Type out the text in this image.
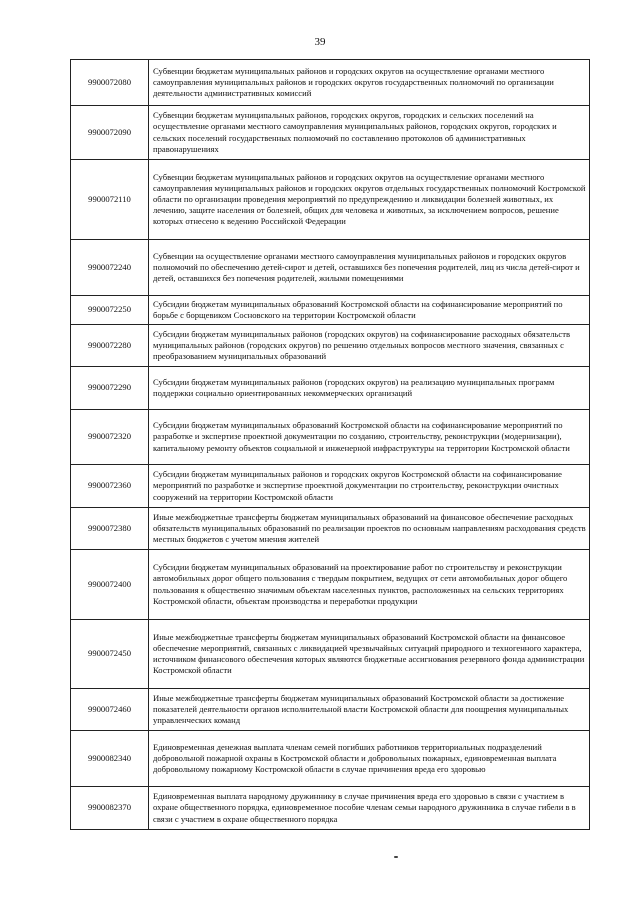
39
9900072080	Субвенции бюджетам муниципальных районов и городских округов на осуществление органами местного самоуправления муниципальных районов и городских округов государственных полномочий по организации деятельности административных комиссий
9900072090	Субвенции бюджетам муниципальных районов, городских округов, городских и сельских поселений на осуществление органами местного самоуправления муниципальных районов, городских округов, городских и сельских поселений государственных полномочий по составлению протоколов об административных правонарушениях
9900072110	Субвенции бюджетам муниципальных районов и городских округов на осуществление органами местного самоуправления муниципальных районов и городских округов отдельных государственных полномочий Костромской области по организации проведения мероприятий по предупреждению и ликвидации болезней животных, их лечению, защите населения от болезней, общих для человека и животных, за исключением вопросов, решение которых отнесено к ведению Российской Федерации
9900072240	Субвенции на осуществление органами местного самоуправления муниципальных районов и городских округов полномочий по обеспечению детей-сирот и детей, оставшихся без попечения родителей, лиц из числа детей-сирот и детей, оставшихся без попечения родителей, жилыми помещениями
9900072250	Субсидии бюджетам муниципальных образований Костромской области на софинансирование мероприятий по борьбе с борщевиком Сосновского на территории Костромской области
9900072280	Субсидии бюджетам муниципальных районов (городских округов) на софинансирование расходных обязательств муниципальных районов (городских округов) по решению отдельных вопросов местного значения, связанных с преобразованием муниципальных образований
9900072290	Субсидии бюджетам муниципальных районов (городских округов) на реализацию муниципальных программ поддержки социально ориентированных некоммерческих организаций
9900072320	Субсидии бюджетам муниципальных образований Костромской области на софинансирование мероприятий по разработке и экспертизе проектной документации по созданию, строительству, реконструкции (модернизации), капитальному ремонту объектов социальной и инженерной инфраструктуры на территории Костромской области
9900072360	Субсидии бюджетам муниципальных районов и городских округов Костромской области на софинансирование мероприятий по разработке и экспертизе проектной документации по строительству, реконструкции очистных сооружений на территории Костромской области
9900072380	Иные межбюджетные трансферты бюджетам муниципальных образований на финансовое обеспечение расходных обязательств муниципальных образований по реализации проектов по основным направлениям расходования средств местных бюджетов с учетом мнения жителей
9900072400	Субсидии бюджетам муниципальных образований на проектирование работ по строительству и реконструкции автомобильных дорог общего пользования с твердым покрытием, ведущих от сети автомобильных дорог общего пользования к общественно значимым объектам населенных пунктов, расположенных на сельских территориях Костромской области, объектам производства и переработки продукции
9900072450	Иные межбюджетные трансферты бюджетам муниципальных образований Костромской области на финансовое обеспечение мероприятий, связанных с ликвидацией чрезвычайных ситуаций природного и техногенного характера, источником финансового обеспечения которых являются бюджетные ассигнования резервного фонда администрации Костромской области
9900072460	Иные межбюджетные трансферты бюджетам муниципальных образований Костромской области за достижение показателей деятельности органов исполнительной власти Костромской области для поощрения муниципальных управленческих команд
9900082340	Единовременная денежная выплата членам семей погибших работников территориальных подразделений добровольной пожарной охраны в Костромской области и добровольных пожарных, единовременная выплата добровольному пожарному Костромской области в случае причинения вреда его здоровью
9900082370	Единовременная выплата народному дружиннику в случае причинения вреда его здоровью в связи с участием в охране общественного порядка, единовременное пособие членам семьи народного дружинника в случае гибели в в связи с участием в охране общественного порядка
